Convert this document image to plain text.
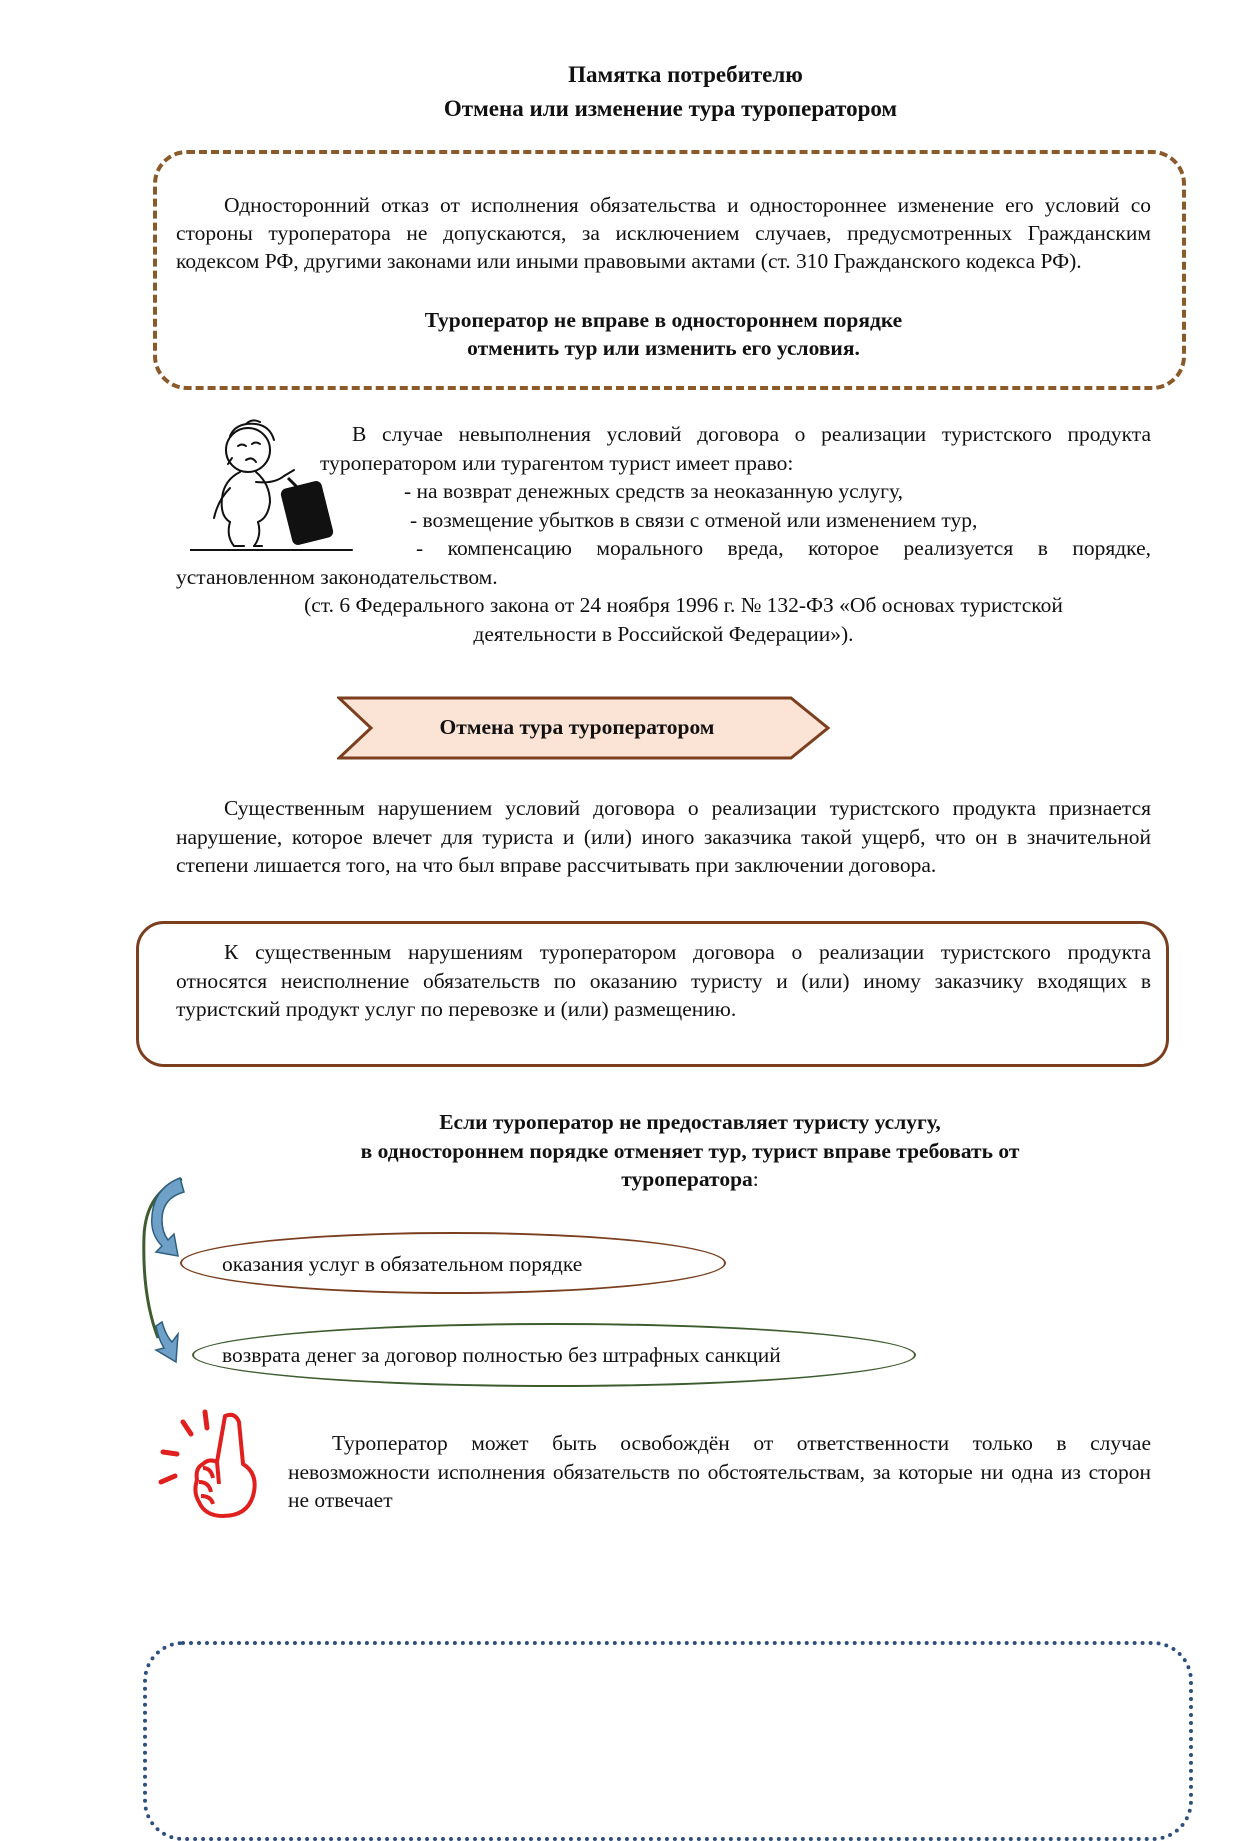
Памятка потребителю
Отмена или изменение тура туроператором

Односторонний отказ от исполнения обязательства и одностороннее изменение его условий со стороны туроператора не допускаются, за исключением случаев, предусмотренных Гражданским кодексом РФ, другими законами или иными правовыми актами (ст. 310 Гражданского кодекса РФ).

Туроператор не вправе в одностороннем порядке
отменить тур или изменить его условия.

В случае невыполнения условий договора о реализации туристского продукта туроператором или турагентом турист имеет право:

- на возврат денежных средств за неоказанную услугу,
- возмещение убытков в связи с отменой или изменением тур,
- компенсацию морального вреда, которое реализуется в порядке, установленном законодательством.
(ст. 6 Федерального закона от 24 ноября 1996 г. № 132-ФЗ «Об основах туристской
деятельности в Российской Федерации»).
Отмена тура туроператором

Существенным нарушением условий договора о реализации туристского продукта признается нарушение, которое влечет для туриста и (или) иного заказчика такой ущерб, что он в значительной степени лишается того, на что был вправе рассчитывать при заключении договора.

К существенным нарушениям туроператором договора о реализации туристского продукта относятся неисполнение обязательств по оказанию туристу и (или) иному заказчику входящих в туристский продукт услуг по перевозке и (или) размещению.

Если туроператор не предоставляет туристу услугу,
в одностороннем порядке отменяет тур, турист вправе требовать от
туроператора:
оказания услуг в обязательном порядке
возврата денег за договор полностью без штрафных санкций

Туроператор может быть освобождён от ответственности только в случае невозможности исполнения обязательств по обстоятельствам, за которые ни одна из сторон не отвечает
